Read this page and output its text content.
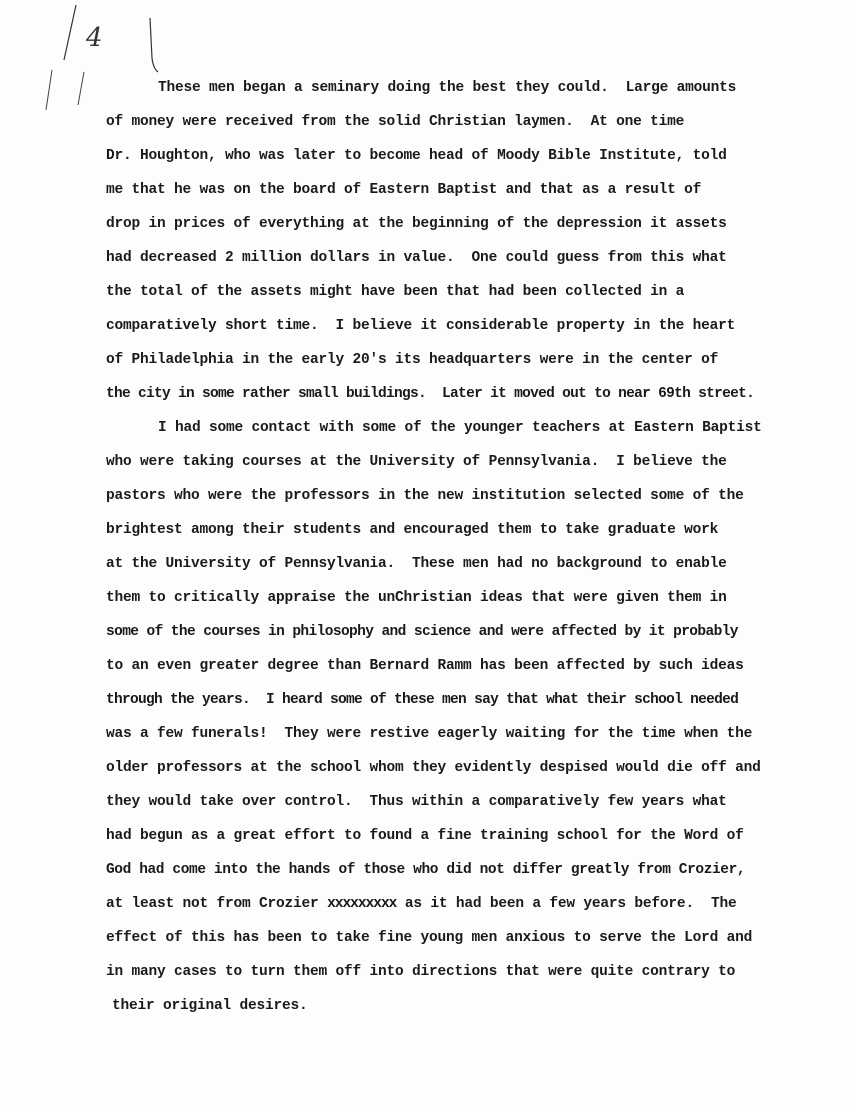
4
These men began a seminary doing the best they could.  Large amounts
of money were received from the solid Christian laymen.  At one time
Dr. Houghton, who was later to become head of Moody Bible Institute, told
me that he was on the board of Eastern Baptist and that as a result of
drop in prices of everything at the beginning of the depression it assets
had decreased 2 million dollars in value.  One could guess from this what
the total of the assets might have been that had been collected in a
comparatively short time.  I believe it considerable property in the heart
of Philadelphia in the early 20's its headquarters were in the center of
the city in some rather small buildings.  Later it moved out to near 69th street.
I had some contact with some of the younger teachers at Eastern Baptist
who were taking courses at the University of Pennsylvania.  I believe the
pastors who were the professors in the new institution selected some of the
brightest among their students and encouraged them to take graduate work
at the University of Pennsylvania.  These men had no background to enable
them to critically appraise the unChristian ideas that were given them in
some of the courses in philosophy and science and were affected by it probably
to an even greater degree than Bernard Ramm has been affected by such ideas
through the years.  I heard some of these men say that what their school needed
was a few funerals!  They were restive eagerly waiting for the time when the
older professors at the school whom they evidently despised would die off and
they would take over control.  Thus within a comparatively few years what
had begun as a great effort to found a fine training school for the Word of
God had come into the hands of those who did not differ greatly from Crozier,
at least not from Crozier xxxxxxxxx as it had been a few years before.  The
effect of this has been to take fine young men anxious to serve the Lord and
in many cases to turn them off into directions that were quite contrary to
their original desires.
